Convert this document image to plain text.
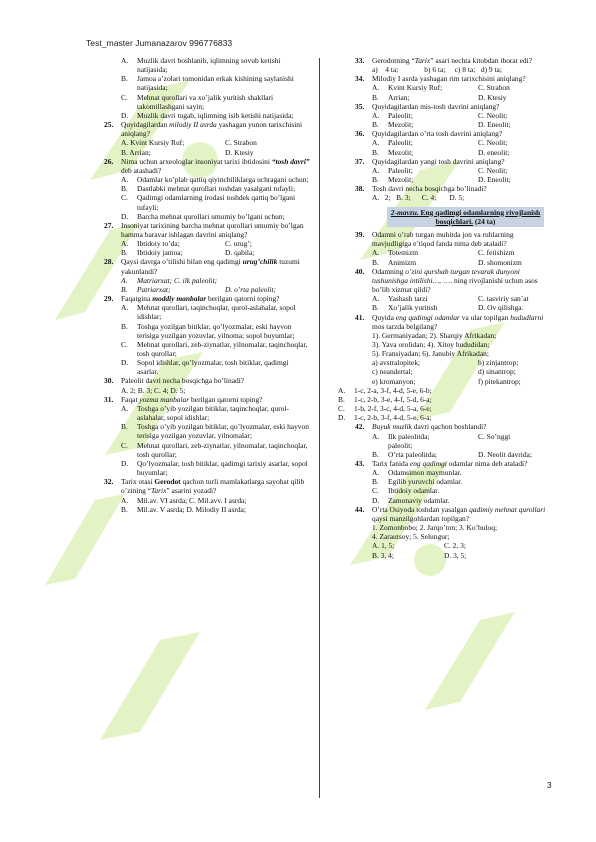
Test_master Jumanazarov 996776833
A.	Muzlik davri boshlanib, iqlimning sovub ketishi natijasida;
B.	Jamoa a’zolari tomonidan erkak kishining saylanishi natijasida;
C.	Mehnat qurollari va xo’jalik yuritish shakllari takomillashgani sayin;
D.	Muzlik davri tugab, iqlimning isib ketishi natijasida;
25.	Quyidagilardan milodiy II asrda yashagan yunon tarixchisini aniqlang?
A. Kvint Kursiy Ruf;	C. Strabon
B. Arrian;	D. Ktesiy
26.	Nima uchun arxeologlar insoniyat tarixi ibtidosini “tosh davri” deb atashadi?
A.	Odamlar ko’plab qattiq qiyinchiliklarga uchragani uchun;
B.	Dastlabki mehnat qurollari toshdan yasalgani tufayli;
C.	Qadimgi odamlarning irodasi toshdek qattiq bo’lgani tufayli;
D.	Barcha mehnat qurollari umumiy bo’lgani uchun;
27.	Insoniyat tarixining barcha mehnat qurollari umumiy bo’lgan hamma baravar ishlagan davrini aniqlang?
A.	Ibtidoiy to’da;	C. urug’;
B.	Ibtidoiy jamoa;	D. qabila;
28.	Qaysi davrga o’tilishi bilan eng qadimgi urug’chilik tuzumi yakunlandi?
A.	Matriarxat; C. ilk paleolit;
B.	Patriarxat;	D. o’rta paleolit;
29.	Faqatgina moddiy manbalar berilgan qatorni toping?
A.	Mehnat qurollari, taqinchoqlar, qurol-aslahalar, sopol idishlar;
B.	Toshga yozilgan bitiklar, qo’lyozmalar, eski hayvon terisiga yozilgan yozuvlar, yilnoma; sopol buyumlar;
C.	Mehnat qurollari, zeb-ziynatlar, yilnomalar, taqinchoqlar, tosh qurollar;
D.	Sopol idishlar, qo’lyozmalar, tosh bitiklar, qadimgi asarlar.
30.	Paleolit davri necha bosqichga bo’linadi?
A. 2; B. 3; C. 4; D. 5;
31.	Faqat yozma manbalar berilgan qatorni toping?
A.	Toshga o’yib yozilgan bitiklar, taqinchoqlar, qurol-aslahalar, sopol idishlar;
B.	Toshga o’yib yozilgan bitiklar, qo’lyozmalar, eski hayvon terisiga yozilgan yozuvlar, yilnomalar;
C.	Mehnat qurollari, zeb-ziynatlar, yilnomalar, taqinchoqlar, tosh qurollar;
D.	Qo’lyozmalar, tosh bitiklar, qadimgi tarixiy asarlar, sopol buyumlar;
32.	Tarix otasi Gerodot qachon turli mamlakatlarga sayohat qilib o’zining “Tarix” asarini yozadi?
A.	Mil.av. VI asrda; C. Mil.avv. I asrda;
B.	Mil.av. V asrda; D. Milodiy II asrda;
33.	Gerodotning “Tarix” asari nechta kitobdan iborat edi?
a)    4 ta;              b) 6 ta;     c) 8 ta;   d) 9 ta;
34.	Milodiy I asrda yashagan rim tarixchisini aniqlang?
A.	Kvint Kursiy Ruf;	C. Strabon
B.	Arrian;	D. Ktesiy
35.	Quyidagilardan mis-tosh davrini aniqlang?
A.	Paleolit;	C. Neolit;
B.	Mezolit;	D. Eneolit;
36.	Quyidagilardan o’rta tosh davrini aniqlang?
A.	Paleolit;	C. Neolit;
B.	Mezolit;	D. eneolit;
37.	Quyidagilardan yangi tosh davrini aniqlang?
A.	Paleolit;	C. Neolit;
B.	Mezolit;	D. Eneolit;
38.	Tosh davri necha bosqichga bo’linadi?
A.   2;   B. 3;      C. 4;       D. 5;
2-mavzu. Eng qadimgi odamlarning rivojlanish bosqichlari. (24 ta)
39.	Odamni o’rab turgan muhitda jon va ruhlarning mavjudligiga e’tiqod fanda nima deb ataladi?
A.	Totemizm	C. fetishizm
B.	Animizm	D. shomonizm
40.	Odamning o’zini qurshab turgan tevarak dunyoni tushunishga intilishi…, …. ning rivojlanishi uchun asos bo’lib xizmat qildi?
A.	Yashash tarzi	C. tasviriy san’at
B.	Xo’jalik yuritish	D. Ov qilishga.
41.	Quyida eng qadimgi odamlar va ular topilgan hududlarni mos tarzda belgilang?
1). Germaniyadan; 2). Sharqiy Afrikadan;
3). Yava orolidan; 4). Xitoy hududidan;
5). Fransiyadan; 6). Janubiy Afrikadan;
a) avstralopitek;	b) zinjantrop;
c) neandertal;	d) sinantrop;
e) kromanyon;	f) pitekantrop;
A.	1-c, 2-a, 3-f, 4-d, 5-e, 6-b;
B.	1-c, 2-b, 3-e, 4-f, 5-d, 6-a;
C.	1-b, 2-f, 3-c, 4-d, 5-a, 6-e;
D.	1-c, 2-b, 3-f, 4-d, 5-e, 6-a;
42.	Buyuk muzlik davri qachon boshlandi?
A.	Ilk paleolitda;	C. So’nggi
paleolit;
B.	O’rta paleolitda;	D. Neolit davrida;
43.	Tarix fanida eng qadimgi odamlar nima deb ataladi?
A.	Odamsimon maymunlar.
B.	Egilib yuruvchi odamlar.
C.	Ibtidoiy odamlar.
D.	Zamonaviy odamlar.
44.	O’rta Osiyoda toshdan yasalgan qadimiy mehnat qurollari qaysi manzilgohlardan topilgan?
1. Zomonbobo; 2. Jarqo’ton; 3. Ko’buloq;
4. Zarautsoy; 5. Selungur;
A. 1, 5;	C. 2, 3;
B. 3, 4;	D. 3, 5;
3
